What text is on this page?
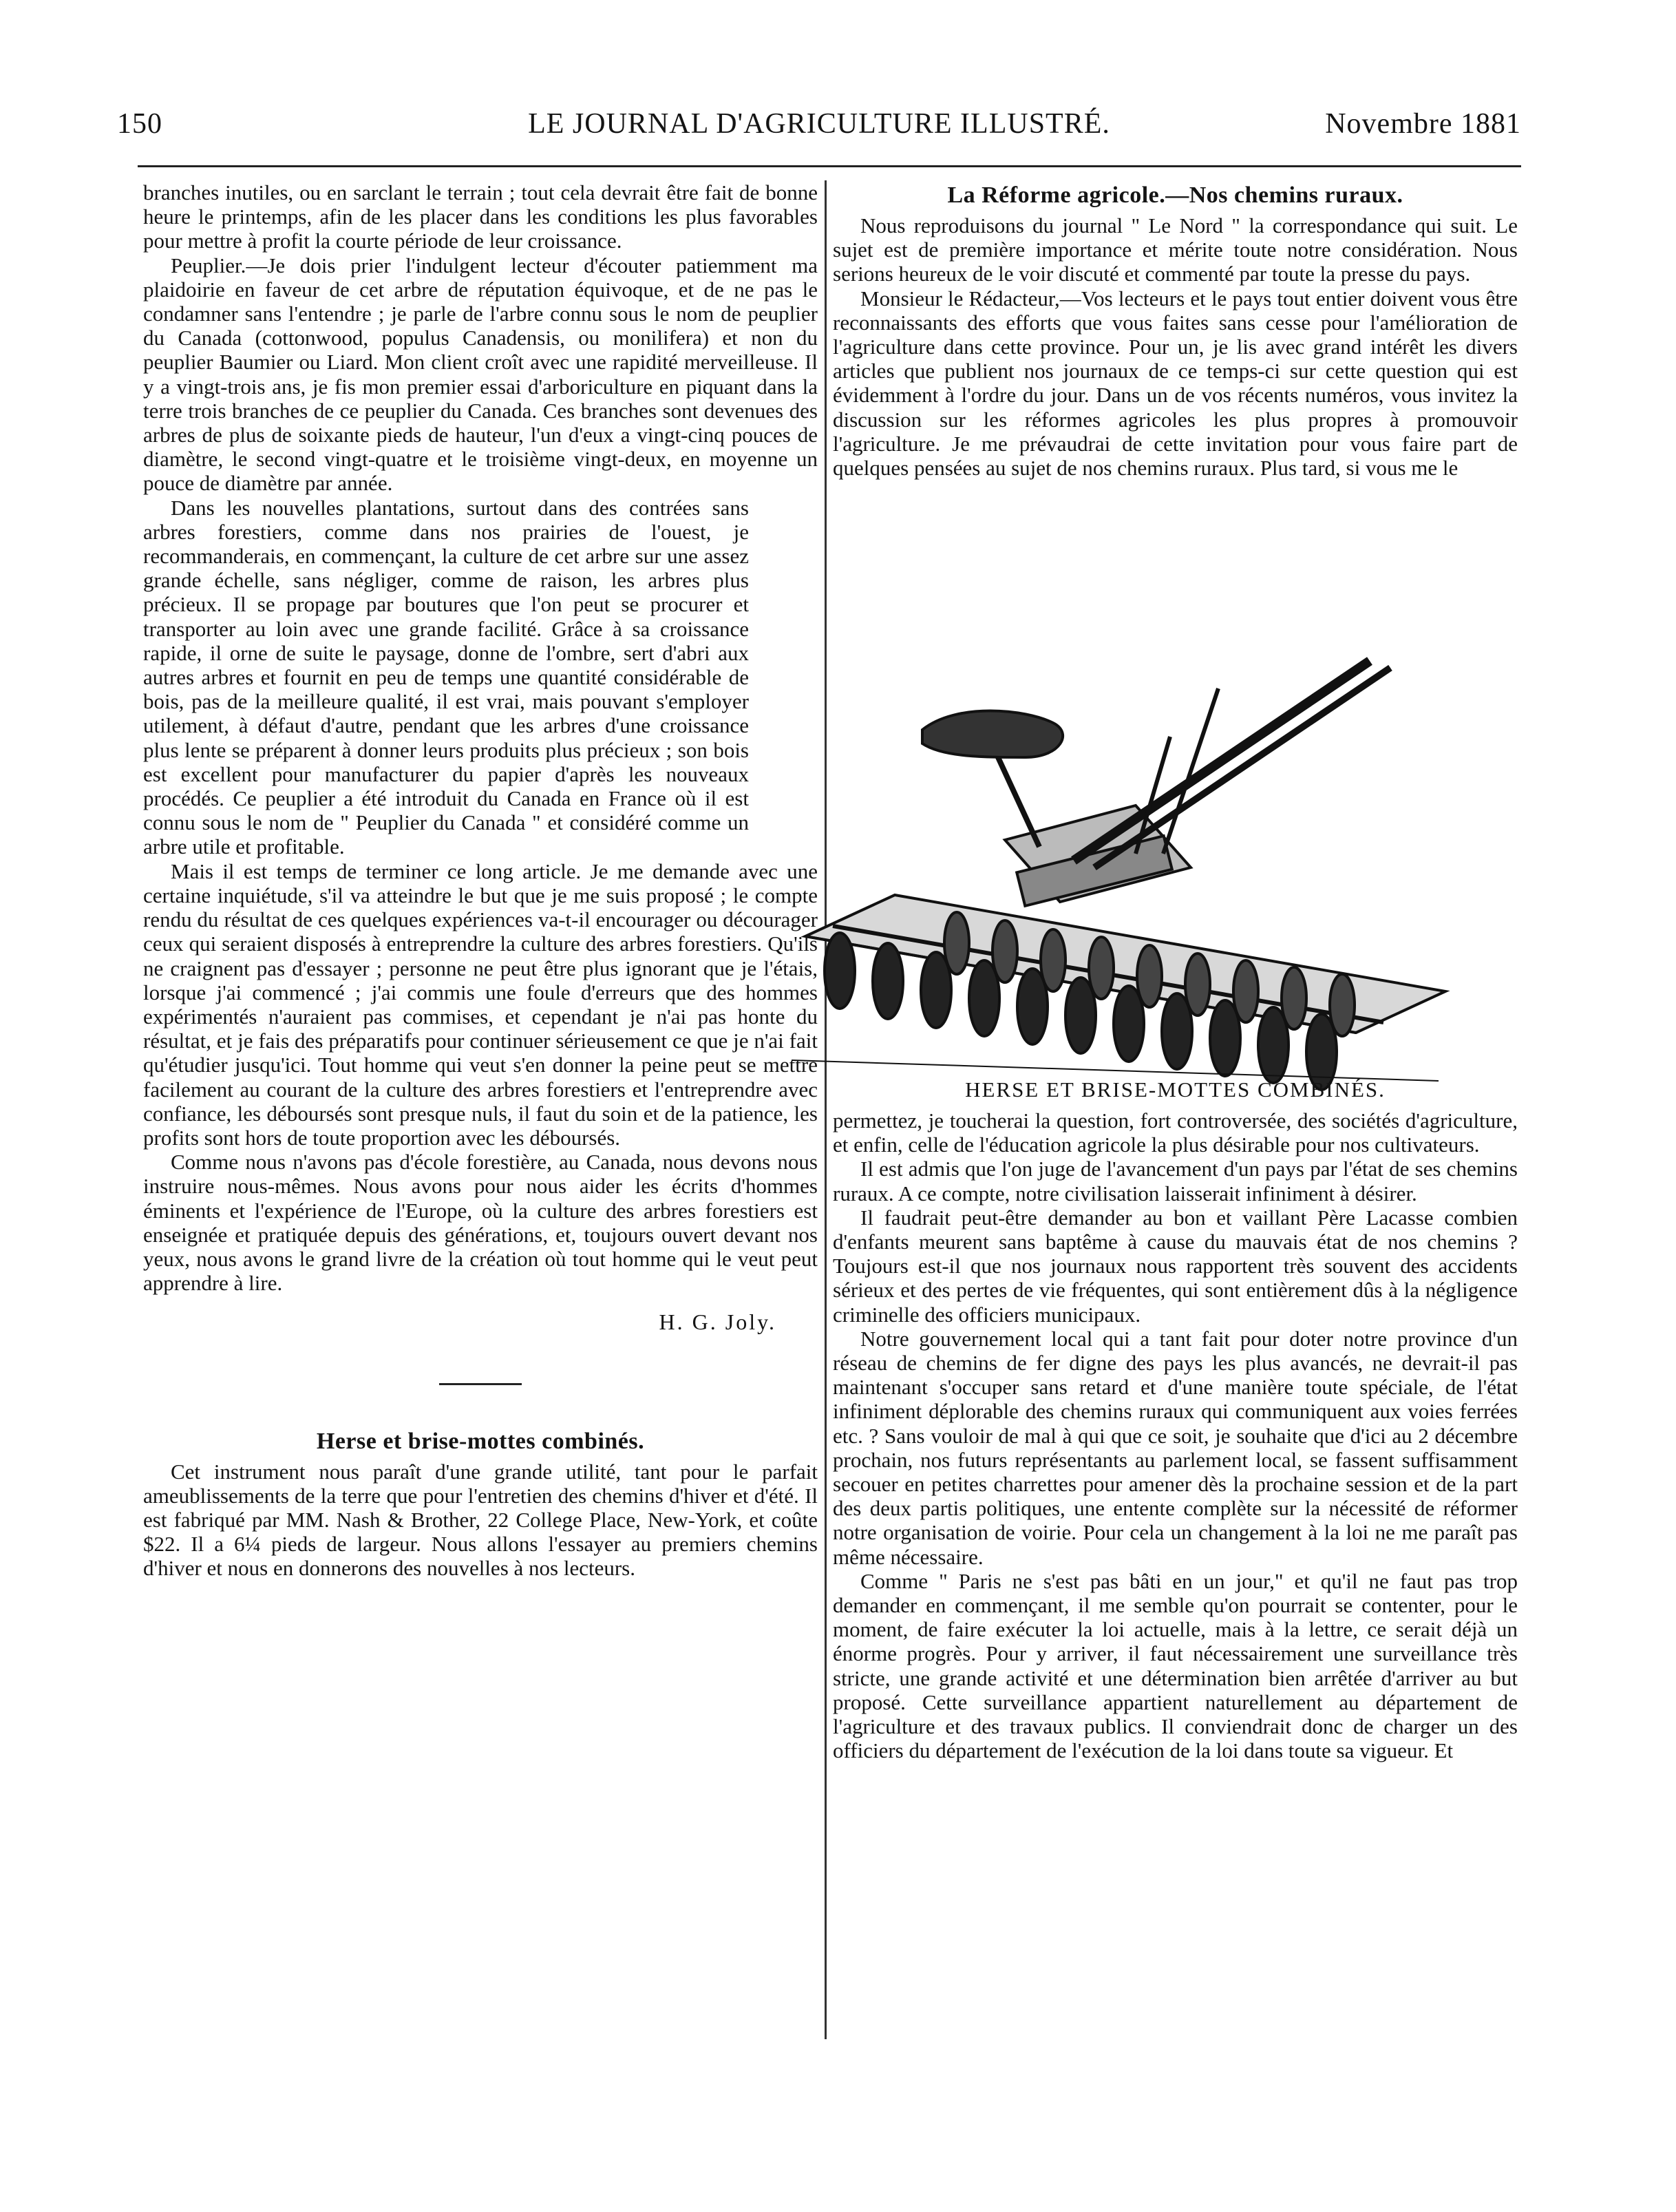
150	LE JOURNAL D'AGRICULTURE ILLUSTRÉ.	Novembre 1881

branches inutiles, ou en sarclant le terrain ; tout cela devrait être fait de bonne heure le printemps, afin de les placer dans les conditions les plus favorables pour mettre à profit la courte période de leur croissance.

Peuplier.—Je dois prier l'indulgent lecteur d'écouter patiemment ma plaidoirie en faveur de cet arbre de réputation équivoque, et de ne pas le condamner sans l'entendre ; je parle de l'arbre connu sous le nom de peuplier du Canada (cottonwood, populus Canadensis, ou monilifera) et non du peuplier Baumier ou Liard. Mon client croît avec une rapidité merveilleuse. Il y a vingt-trois ans, je fis mon premier essai d'arboriculture en piquant dans la terre trois branches de ce peuplier du Canada. Ces branches sont devenues des arbres de plus de soixante pieds de hauteur, l'un d'eux a vingt-cinq pouces de diamètre, le second vingt-quatre et le troisième vingt-deux, en moyenne un pouce de diamètre par année.

Dans les nouvelles plantations, surtout dans des contrées sans arbres forestiers, comme dans nos prairies de l'ouest, je recommanderais, en commençant, la culture de cet arbre sur une assez grande échelle, sans négliger, comme de raison, les arbres plus précieux. Il se propage par boutures que l'on peut se procurer et transporter au loin avec une grande facilité. Grâce à sa croissance rapide, il orne de suite le paysage, donne de l'ombre, sert d'abri aux autres arbres et fournit en peu de temps une quantité considérable de bois, pas de la meilleure qualité, il est vrai, mais pouvant s'employer utilement, à défaut d'autre, pendant que les arbres d'une croissance plus lente se préparent à donner leurs produits plus précieux ; son bois est excellent pour manufacturer du papier d'après les nouveaux procédés. Ce peuplier a été introduit du Canada en France où il est connu sous le nom de " Peuplier du Canada " et considéré comme un arbre utile et profitable.

Mais il est temps de terminer ce long article. Je me demande avec une certaine inquiétude, s'il va atteindre le but que je me suis proposé ; le compte rendu du résultat de ces quelques expériences va-t-il encourager ou décourager ceux qui seraient disposés à entreprendre la culture des arbres forestiers. Qu'ils ne craignent pas d'essayer ; personne ne peut être plus ignorant que je l'étais, lorsque j'ai commencé ; j'ai commis une foule d'erreurs que des hommes expérimentés n'auraient pas commises, et cependant je n'ai pas honte du résultat, et je fais des préparatifs pour continuer sérieusement ce que je n'ai fait qu'étudier jusqu'ici. Tout homme qui veut s'en donner la peine peut se mettre facilement au courant de la culture des arbres forestiers et l'entreprendre avec confiance, les déboursés sont presque nuls, il faut du soin et de la patience, les profits sont hors de toute proportion avec les déboursés.

Comme nous n'avons pas d'école forestière, au Canada, nous devons nous instruire nous-mêmes. Nous avons pour nous aider les écrits d'hommes éminents et l'expérience de l'Europe, où la culture des arbres forestiers est enseignée et pratiquée depuis des générations, et, toujours ouvert devant nos yeux, nous avons le grand livre de la création où tout homme qui le veut peut apprendre à lire.

H. G. Joly.
Herse et brise-mottes combinés.

Cet instrument nous paraît d'une grande utilité, tant pour le parfait ameublissements de la terre que pour l'entretien des chemins d'hiver et d'été. Il est fabriqué par MM. Nash & Brother, 22 College Place, New-York, et coûte $22. Il a 6¼ pieds de largeur. Nous allons l'essayer au premiers chemins d'hiver et nous en donnerons des nouvelles à nos lecteurs.

La Réforme agricole.—Nos chemins ruraux.

Nous reproduisons du journal " Le Nord " la correspondance qui suit. Le sujet est de première importance et mérite toute notre considération. Nous serions heureux de le voir discuté et commenté par toute la presse du pays.

Monsieur le Rédacteur,—Vos lecteurs et le pays tout entier doivent vous être reconnaissants des efforts que vous faites sans cesse pour l'amélioration de l'agriculture dans cette province. Pour un, je lis avec grand intérêt les divers articles que publient nos journaux de ce temps-ci sur cette question qui est évidemment à l'ordre du jour. Dans un de vos récents numéros, vous invitez la discussion sur les réformes agricoles les plus propres à promouvoir l'agriculture. Je me prévaudrai de cette invitation pour vous faire part de quelques pensées au sujet de nos chemins ruraux. Plus tard, si vous me le

HERSE ET BRISE-MOTTES COMBINÉS.

permettez, je toucherai la question, fort controversée, des sociétés d'agriculture, et enfin, celle de l'éducation agricole la plus désirable pour nos cultivateurs.

Il est admis que l'on juge de l'avancement d'un pays par l'état de ses chemins ruraux. A ce compte, notre civilisation laisserait infiniment à désirer.

Il faudrait peut-être demander au bon et vaillant Père Lacasse combien d'enfants meurent sans baptême à cause du mauvais état de nos chemins ? Toujours est-il que nos journaux nous rapportent très souvent des accidents sérieux et des pertes de vie fréquentes, qui sont entièrement dûs à la négligence criminelle des officiers municipaux.

Notre gouvernement local qui a tant fait pour doter notre province d'un réseau de chemins de fer digne des pays les plus avancés, ne devrait-il pas maintenant s'occuper sans retard et d'une manière toute spéciale, de l'état infiniment déplorable des chemins ruraux qui communiquent aux voies ferrées etc. ? Sans vouloir de mal à qui que ce soit, je souhaite que d'ici au 2 décembre prochain, nos futurs représentants au parlement local, se fassent suffisamment secouer en petites charrettes pour amener dès la prochaine session et de la part des deux partis politiques, une entente complète sur la nécessité de réformer notre organisation de voirie. Pour cela un changement à la loi ne me paraît pas même nécessaire.

Comme " Paris ne s'est pas bâti en un jour," et qu'il ne faut pas trop demander en commençant, il me semble qu'on pourrait se contenter, pour le moment, de faire exécuter la loi actuelle, mais à la lettre, ce serait déjà un énorme progrès. Pour y arriver, il faut nécessairement une surveillance très stricte, une grande activité et une détermination bien arrêtée d'arriver au but proposé. Cette surveillance appartient naturellement au département de l'agriculture et des travaux publics. Il conviendrait donc de charger un des officiers du département de l'exécution de la loi dans toute sa vigueur. Et
